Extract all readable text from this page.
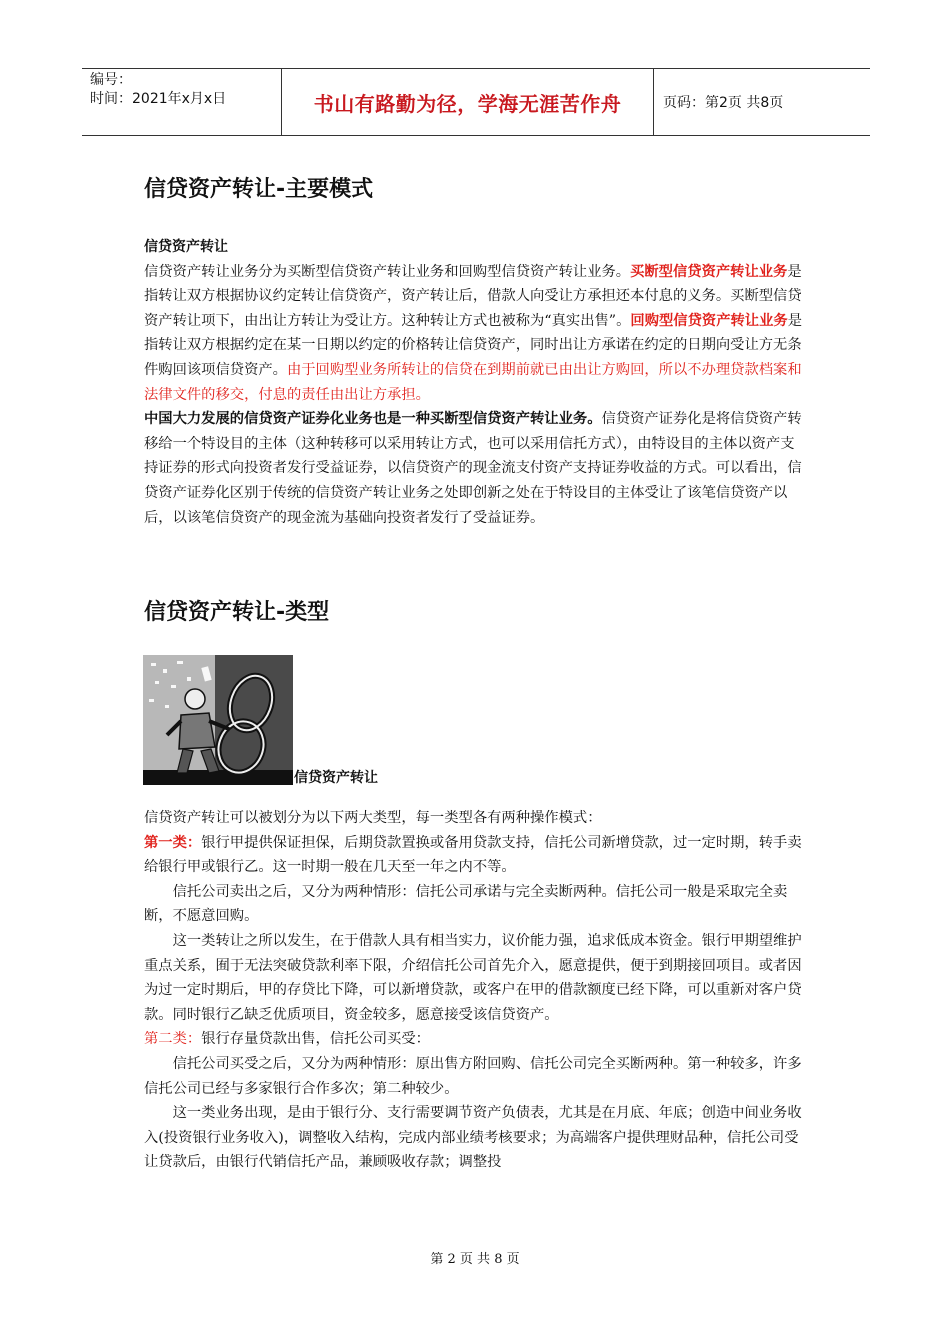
编号：
时间：2021年x月x日	书山有路勤为径，学海无涯苦作舟	页码：第2页 共8页
信贷资产转让-主要模式

信贷资产转让

信贷资产转让业务分为买断型信贷资产转让业务和回购型信贷资产转让业务。买断型信贷资产转让业务是指转让双方根据协议约定转让信贷资产，资产转让后，借款人向受让方承担还本付息的义务。买断型信贷资产转让项下，由出让方转让为受让方。这种转让方式也被称为“真实出售”。回购型信贷资产转让业务是指转让双方根据约定在某一日期以约定的价格转让信贷资产，同时出让方承诺在约定的日期向受让方无条件购回该项信贷资产。由于回购型业务所转让的信贷在到期前就已由出让方购回，所以不办理贷款档案和法律文件的移交，付息的责任由出让方承担。

中国大力发展的信贷资产证券化业务也是一种买断型信贷资产转让业务。信贷资产证券化是将信贷资产转移给一个特设目的主体（这种转移可以采用转让方式，也可以采用信托方式），由特设目的主体以资产支持证券的形式向投资者发行受益证券，以信贷资产的现金流支付资产支持证券收益的方式。可以看出，信贷资产证券化区别于传统的信贷资产转让业务之处即创新之处在于特设目的主体受让了该笔信贷资产以后，以该笔信贷资产的现金流为基础向投资者发行了受益证券。

信贷资产转让-类型
信贷资产转让

信贷资产转让可以被划分为以下两大类型，每一类型各有两种操作模式：

第一类：银行甲提供保证担保，后期贷款置换或备用贷款支持，信托公司新增贷款，过一定时期，转手卖给银行甲或银行乙。这一时期一般在几天至一年之内不等。

信托公司卖出之后，又分为两种情形：信托公司承诺与完全卖断两种。信托公司一般是采取完全卖断，不愿意回购。

这一类转让之所以发生，在于借款人具有相当实力，议价能力强，追求低成本资金。银行甲期望维护重点关系，囿于无法突破贷款利率下限，介绍信托公司首先介入，愿意提供，便于到期接回项目。或者因为过一定时期后，甲的存贷比下降，可以新增贷款，或客户在甲的借款额度已经下降，可以重新对客户贷款。同时银行乙缺乏优质项目，资金较多，愿意接受该信贷资产。

第二类：银行存量贷款出售，信托公司买受：

信托公司买受之后，又分为两种情形：原出售方附回购、信托公司完全买断两种。第一种较多，许多信托公司已经与多家银行合作多次；第二种较少。

这一类业务出现，是由于银行分、支行需要调节资产负债表，尤其是在月底、年底；创造中间业务收入(投资银行业务收入)，调整收入结构，完成内部业绩考核要求；为高端客户提供理财品种，信托公司受让贷款后，由银行代销信托产品，兼顾吸收存款；调整投

第 2 页 共 8 页
